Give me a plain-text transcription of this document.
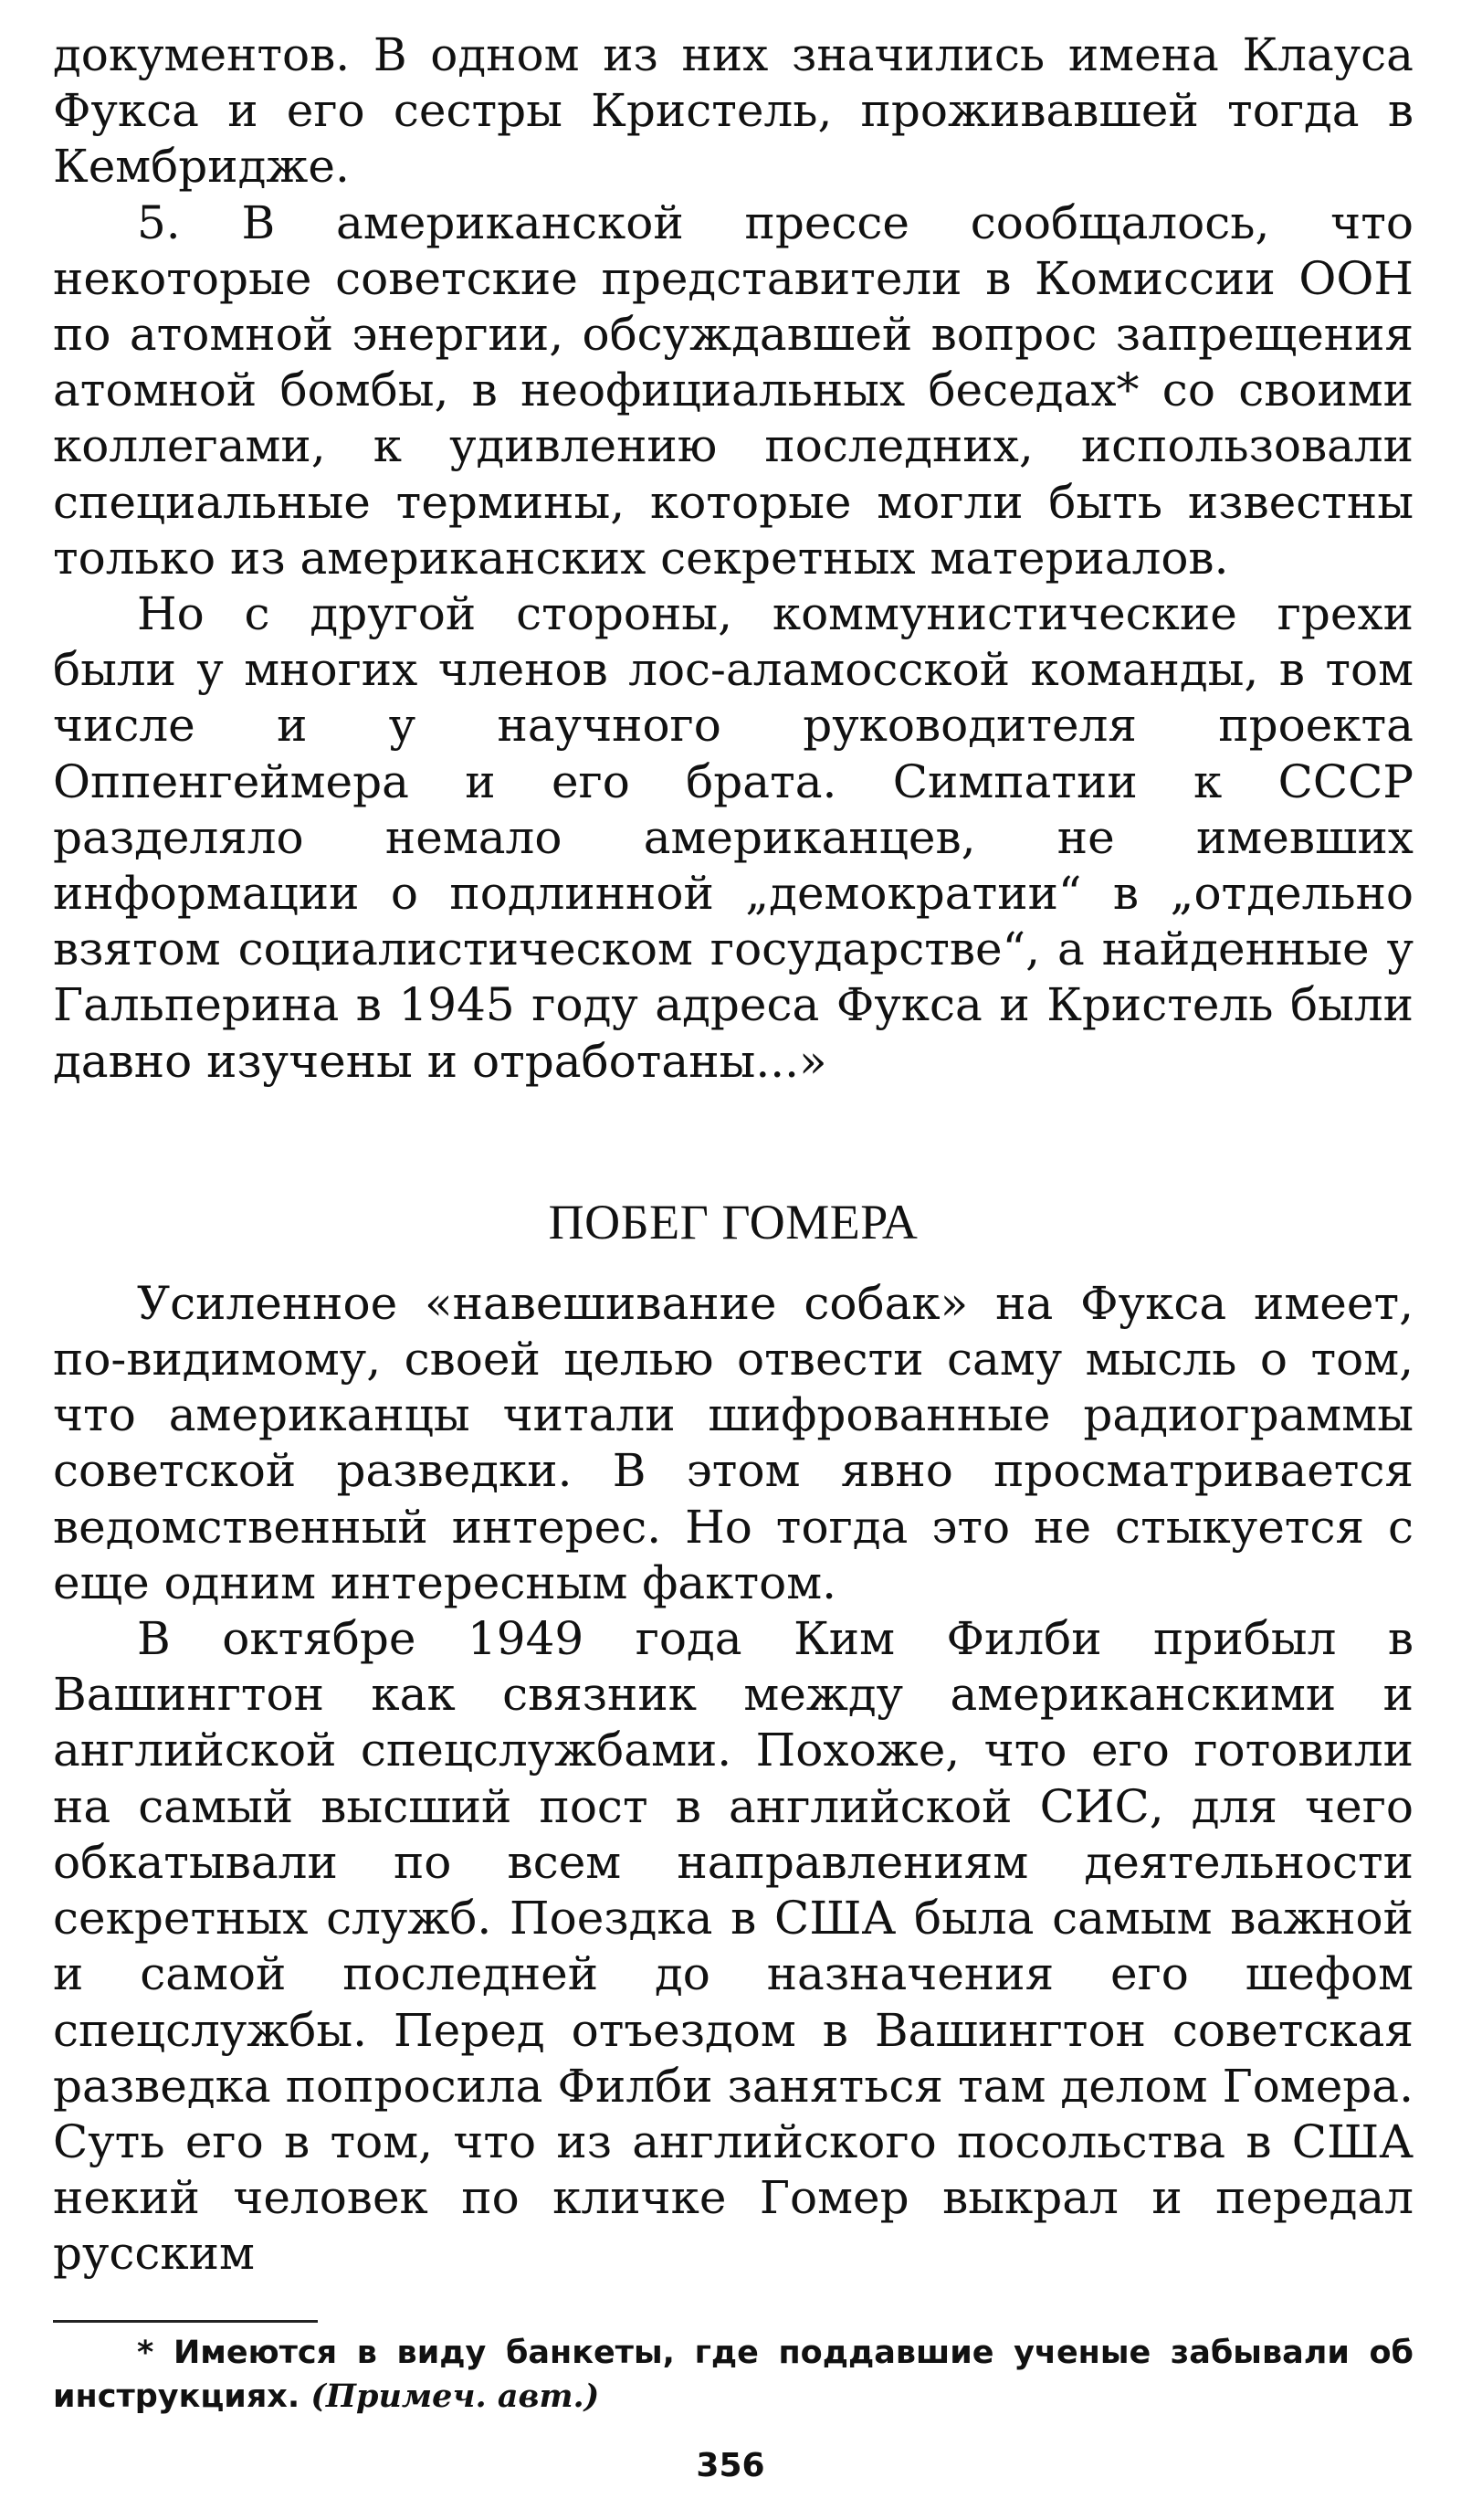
документов. В одном из них значились имена Клауса Фукса и его сестры Кристель, проживавшей тогда в Кембридже.

5. В американской прессе сообщалось, что некоторые советские представители в Комиссии ООН по атомной энергии, обсуждавшей вопрос запрещения атомной бомбы, в неофициальных беседах* со своими коллегами, к удивлению последних, использовали специальные термины, которые могли быть известны только из американских секретных материалов.

Но с другой стороны, коммунистические грехи были у многих членов лос-аламосской команды, в том числе и у научного руководителя проекта Оппенгеймера и его брата. Симпатии к СССР разделяло немало американцев, не имевших информации о подлинной „демократии“ в „отдельно взятом социалистическом государстве“, а найденные у Гальперина в 1945 году адреса Фукса и Кристель были давно изучены и отработаны...»

ПОБЕГ ГОМЕРА

Усиленное «навешивание собак» на Фукса имеет, по-видимому, своей целью отвести саму мысль о том, что американцы читали шифрованные радиограммы советской разведки. В этом явно просматривается ведомственный интерес. Но тогда это не стыкуется с еще одним интересным фактом.

В октябре 1949 года Ким Филби прибыл в Вашингтон как связник между американскими и английской спецслужбами. Похоже, что его готовили на самый высший пост в английской СИС, для чего обкатывали по всем направлениям деятельности секретных служб. Поездка в США была самым важной и самой последней до назначения его шефом спецслужбы. Перед отъездом в Вашингтон советская разведка попросила Филби заняться там делом Гомера. Суть его в том, что из английского посольства в США некий человек по кличке Гомер выкрал и передал русским

* Имеются в виду банкеты, где поддавшие ученые забывали об инструкциях. (Примеч. авт.)

356
